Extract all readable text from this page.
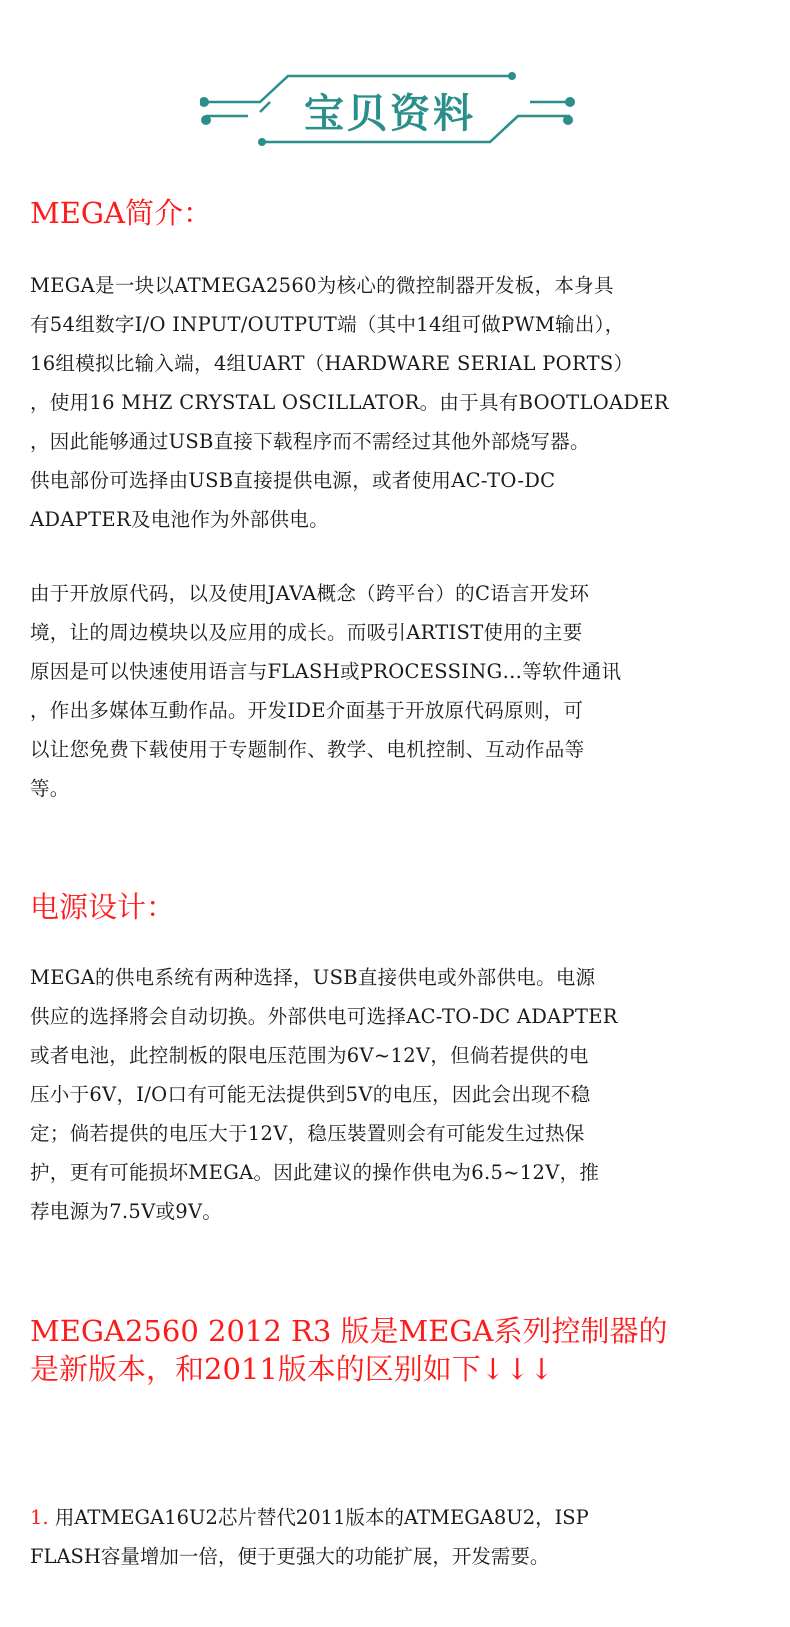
宝贝资料
MEGA简介：
MEGA是一块以ATMEGA2560为核心的微控制器开发板，本身具
有54组数字I/O INPUT/OUTPUT端（其中14组可做PWM输出），
16组模拟比输入端，4组UART（HARDWARE SERIAL PORTS）
，使用16 MHZ CRYSTAL OSCILLATOR。由于具有BOOTLOADER
，因此能够通过USB直接下载程序而不需经过其他外部烧写器。
供电部份可选择由USB直接提供电源，或者使用AC-TO-DC
ADAPTER及电池作为外部供电。
由于开放原代码，以及使用JAVA概念（跨平台）的C语言开发环
境，让的周边模块以及应用的成长。而吸引ARTIST使用的主要
原因是可以快速使用语言与FLASH或PROCESSING…等软件通讯
，作出多媒体互動作品。开发IDE介面基于开放原代码原则，可
以让您免费下载使用于专题制作、教学、电机控制、互动作品等
等。
电源设计：
MEGA的供电系统有两种选择，USB直接供电或外部供电。电源
供应的选择將会自动切换。外部供电可选择AC-TO-DC ADAPTER
或者电池，此控制板的限电压范围为6V~12V，但倘若提供的电
压小于6V，I/O口有可能无法提供到5V的电压，因此会出现不稳
定；倘若提供的电压大于12V，稳压裝置则会有可能发生过热保
护，更有可能损坏MEGA。因此建议的操作供电为6.5~12V，推
荐电源为7.5V或9V。
MEGA2560 2012 R3 版是MEGA系列控制器的
是新版本，和2011版本的区别如下↓↓↓
1. 用ATMEGA16U2芯片替代2011版本的ATMEGA8U2，ISP
FLASH容量增加一倍，便于更强大的功能扩展，开发需要。
